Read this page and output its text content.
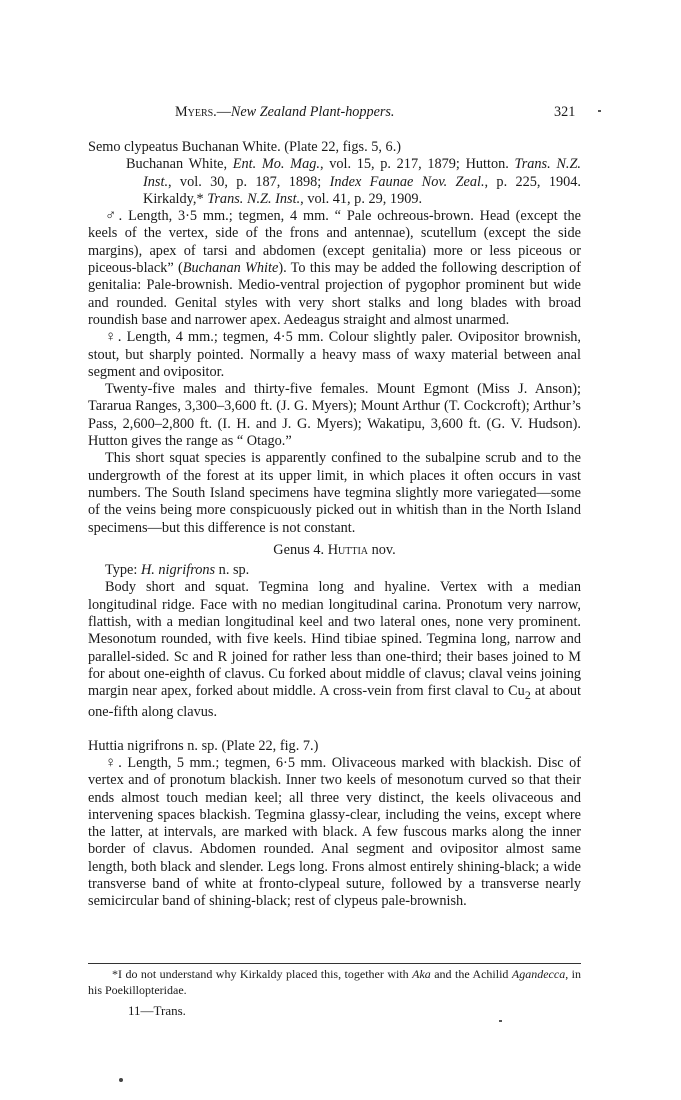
Myers.—New Zealand Plant-hoppers.	321
Semo clypeatus Buchanan White. (Plate 22, figs. 5, 6.)

Buchanan White, Ent. Mo. Mag., vol. 15, p. 217, 1879; Hutton. Trans. N.Z. Inst., vol. 30, p. 187, 1898; Index Faunae Nov. Zeal., p. 225, 1904. Kirkaldy,* Trans. N.Z. Inst., vol. 41, p. 29, 1909.

♂. Length, 3·5 mm.; tegmen, 4 mm. “ Pale ochreous-brown. Head (except the keels of the vertex, side of the frons and antennae), scutellum (except the side margins), apex of tarsi and abdomen (except genitalia) more or less piceous or piceous-black” (Buchanan White). To this may be added the following description of genitalia: Pale-brownish. Medio-ventral projection of pygophor prominent but wide and rounded. Genital styles with very short stalks and long blades with broad roundish base and narrower apex. Aedeagus straight and almost unarmed.

♀. Length, 4 mm.; tegmen, 4·5 mm. Colour slightly paler. Ovipositor brownish, stout, but sharply pointed. Normally a heavy mass of waxy material between anal segment and ovipositor.

Twenty-five males and thirty-five females. Mount Egmont (Miss J. Anson); Tararua Ranges, 3,300–3,600 ft. (J. G. Myers); Mount Arthur (T. Cockcroft); Arthur’s Pass, 2,600–2,800 ft. (I. H. and J. G. Myers); Wakatipu, 3,600 ft. (G. V. Hudson). Hutton gives the range as “ Otago.”

This short squat species is apparently confined to the subalpine scrub and to the undergrowth of the forest at its upper limit, in which places it often occurs in vast numbers. The South Island specimens have tegmina slightly more variegated—some of the veins being more conspicuously picked out in whitish than in the North Island specimens—but this difference is not constant.

Genus 4. Huttia nov.

Type: H. nigrifrons n. sp.

Body short and squat. Tegmina long and hyaline. Vertex with a median longitudinal ridge. Face with no median longitudinal carina. Pronotum very narrow, flattish, with a median longitudinal keel and two lateral ones, none very prominent. Mesonotum rounded, with five keels. Hind tibiae spined. Tegmina long, narrow and parallel-sided. Sc and R joined for rather less than one-third; their bases joined to M for about one-eighth of clavus. Cu forked about middle of clavus; claval veins joining margin near apex, forked about middle. A cross-vein from first claval to $Cu_2$ at about one-fifth along clavus.

Huttia nigrifrons n. sp. (Plate 22, fig. 7.)

♀. Length, 5 mm.; tegmen, 6·5 mm. Olivaceous marked with blackish. Disc of vertex and of pronotum blackish. Inner two keels of mesonotum curved so that their ends almost touch median keel; all three very distinct, the keels olivaceous and intervening spaces blackish. Tegmina glassy-clear, including the veins, except where the latter, at intervals, are marked with black. A few fuscous marks along the inner border of clavus. Abdomen rounded. Anal segment and ovipositor almost same length, both black and slender. Legs long. Frons almost entirely shining-black; a wide transverse band of white at fronto-clypeal suture, followed by a transverse nearly semicircular band of shining-black; rest of clypeus pale-brownish.

*I do not understand why Kirkaldy placed this, together with Aka and the Achilid Agandecca, in his Poekillopteridae.
11—Trans.
